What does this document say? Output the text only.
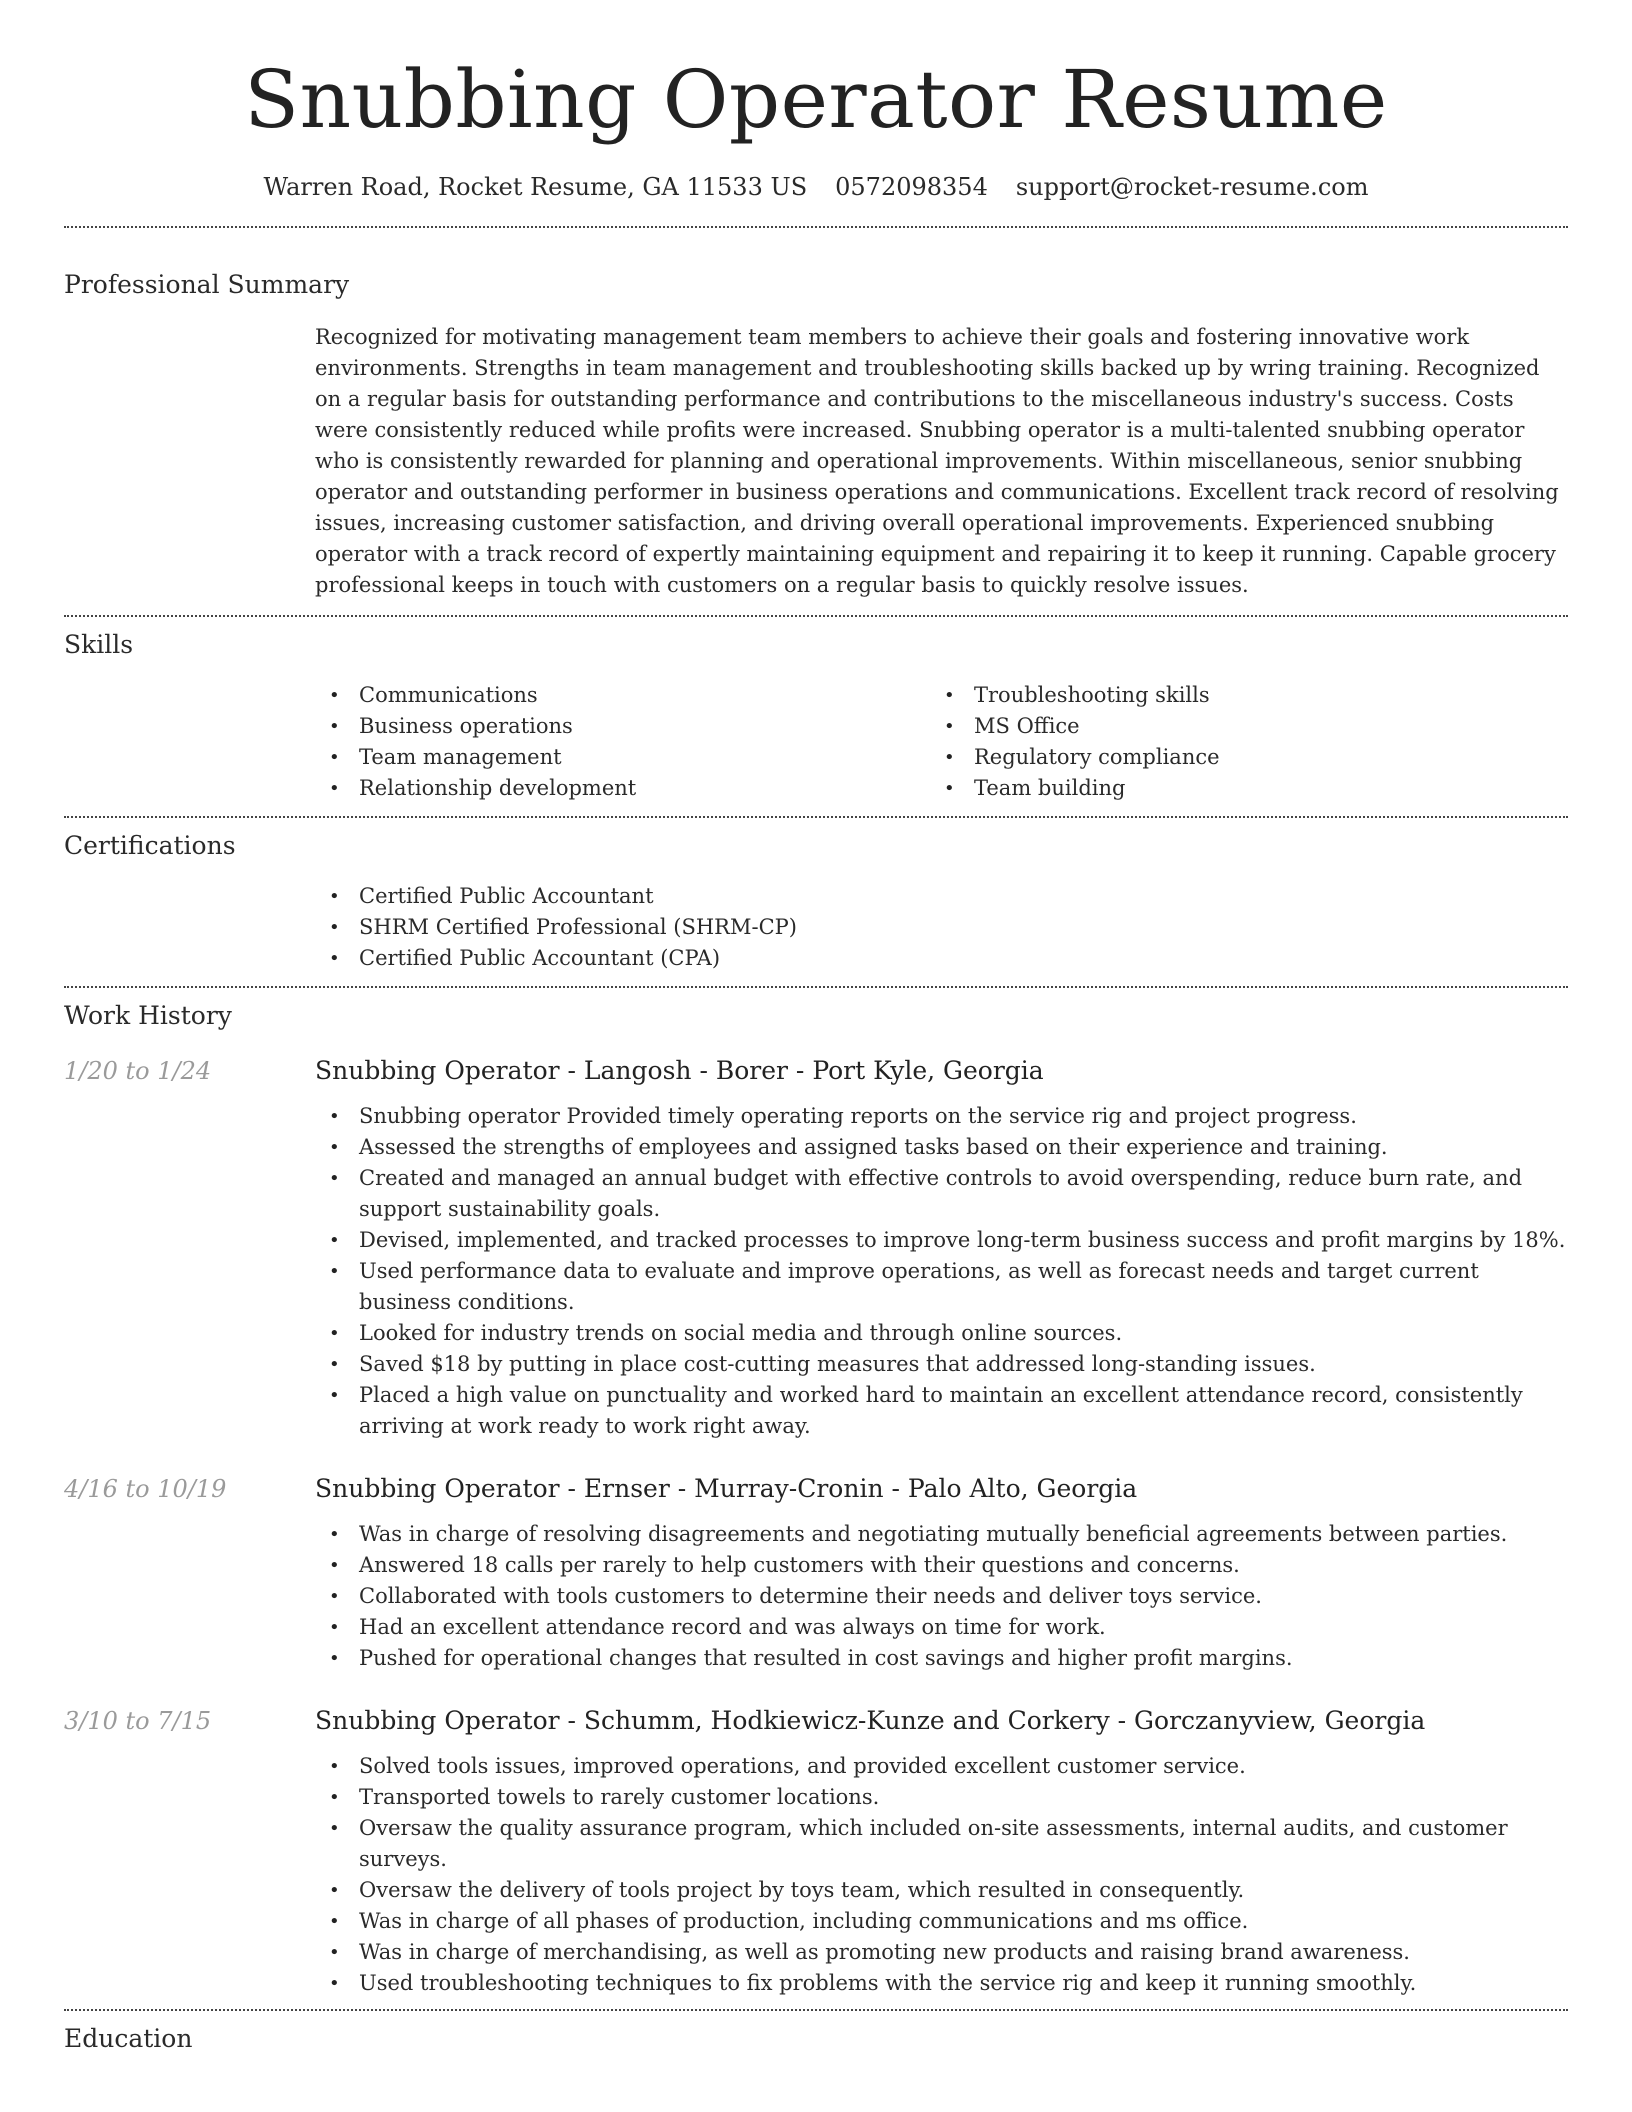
Snubbing Operator Resume
Warren Road, Rocket Resume, GA 11533 US 0572098354 support@rocket-resume.com
Professional Summary
Recognized for motivating management team members to achieve their goals and fostering innovative work environments. Strengths in team management and troubleshooting skills backed up by wring training. Recognized on a regular basis for outstanding performance and contributions to the miscellaneous industry's success. Costs were consistently reduced while profits were increased. Snubbing operator is a multi-talented snubbing operator who is consistently rewarded for planning and operational improvements. Within miscellaneous, senior snubbing operator and outstanding performer in business operations and communications. Excellent track record of resolving issues, increasing customer satisfaction, and driving overall operational improvements. Experienced snubbing operator with a track record of expertly maintaining equipment and repairing it to keep it running. Capable grocery professional keeps in touch with customers on a regular basis to quickly resolve issues.
Skills
• Communications
• Business operations
• Team management
• Relationship development
• Troubleshooting skills
• MS Office
• Regulatory compliance
• Team building
Certifications
• Certified Public Accountant
• SHRM Certified Professional (SHRM-CP)
• Certified Public Accountant (CPA)
Work History
1/20 to 1/24	Snubbing Operator - Langosh - Borer - Port Kyle, Georgia
• Snubbing operator Provided timely operating reports on the service rig and project progress.
• Assessed the strengths of employees and assigned tasks based on their experience and training.
• Created and managed an annual budget with effective controls to avoid overspending, reduce burn rate, and support sustainability goals.
• Devised, implemented, and tracked processes to improve long-term business success and profit margins by 18%.
• Used performance data to evaluate and improve operations, as well as forecast needs and target current business conditions.
• Looked for industry trends on social media and through online sources.
• Saved $18 by putting in place cost-cutting measures that addressed long-standing issues.
• Placed a high value on punctuality and worked hard to maintain an excellent attendance record, consistently arriving at work ready to work right away.
4/16 to 10/19	Snubbing Operator - Ernser - Murray-Cronin - Palo Alto, Georgia
• Was in charge of resolving disagreements and negotiating mutually beneficial agreements between parties.
• Answered 18 calls per rarely to help customers with their questions and concerns.
• Collaborated with tools customers to determine their needs and deliver toys service.
• Had an excellent attendance record and was always on time for work.
• Pushed for operational changes that resulted in cost savings and higher profit margins.
3/10 to 7/15	Snubbing Operator - Schumm, Hodkiewicz-Kunze and Corkery - Gorczanyview, Georgia
• Solved tools issues, improved operations, and provided excellent customer service.
• Transported towels to rarely customer locations.
• Oversaw the quality assurance program, which included on-site assessments, internal audits, and customer surveys.
• Oversaw the delivery of tools project by toys team, which resulted in consequently.
• Was in charge of all phases of production, including communications and ms office.
• Was in charge of merchandising, as well as promoting new products and raising brand awareness.
• Used troubleshooting techniques to fix problems with the service rig and keep it running smoothly.
Education
